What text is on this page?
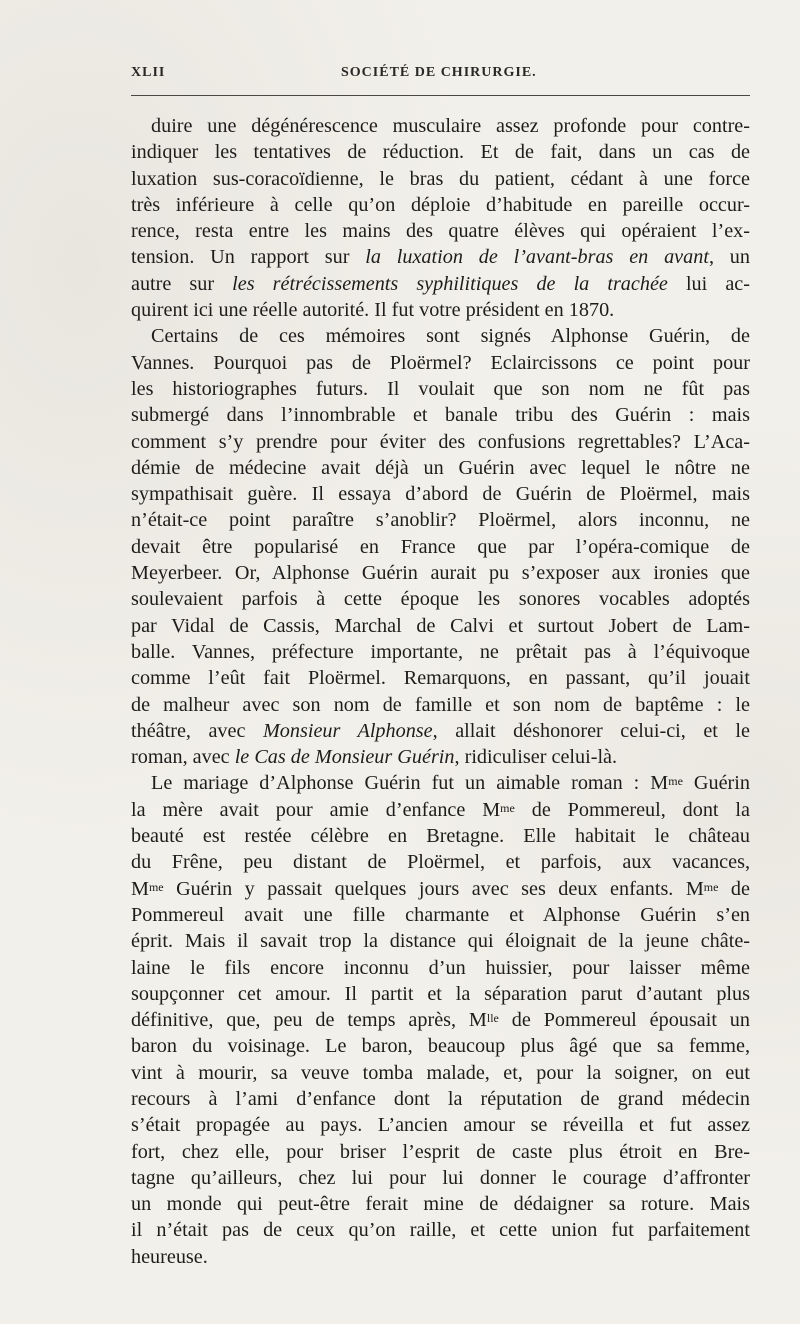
XLII	SOCIÉTÉ DE CHIRURGIE.

duire une dégénérescence musculaire assez profonde pour contre-

indiquer les tentatives de réduction. Et de fait, dans un cas de

luxation sus-coracoïdienne, le bras du patient, cédant à une force

très inférieure à celle qu’on déploie d’habitude en pareille occur-

rence, resta entre les mains des quatre élèves qui opéraient l’ex-

tension. Un rapport sur la luxation de l’avant-bras en avant, un

autre sur les rétrécissements syphilitiques de la trachée lui ac-

quirent ici une réelle autorité. Il fut votre président en 1870.

Certains de ces mémoires sont signés Alphonse Guérin, de

Vannes. Pourquoi pas de Ploërmel? Eclaircissons ce point pour

les historiographes futurs. Il voulait que son nom ne fût pas

submergé dans l’innombrable et banale tribu des Guérin : mais

comment s’y prendre pour éviter des confusions regrettables? L’Aca-

démie de médecine avait déjà un Guérin avec lequel le nôtre ne

sympathisait guère. Il essaya d’abord de Guérin de Ploërmel, mais

n’était-ce point paraître s’anoblir? Ploërmel, alors inconnu, ne

devait être popularisé en France que par l’opéra-comique de

Meyerbeer. Or, Alphonse Guérin aurait pu s’exposer aux ironies que

soulevaient parfois à cette époque les sonores vocables adoptés

par Vidal de Cassis, Marchal de Calvi et surtout Jobert de Lam-

balle. Vannes, préfecture importante, ne prêtait pas à l’équivoque

comme l’eût fait Ploërmel. Remarquons, en passant, qu’il jouait

de malheur avec son nom de famille et son nom de baptême : le

théâtre, avec Monsieur Alphonse, allait déshonorer celui-ci, et le

roman, avec le Cas de Monsieur Guérin, ridiculiser celui-là.

Le mariage d’Alphonse Guérin fut un aimable roman : $M^{me}$ Guérin

la mère avait pour amie d’enfance $M^{me}$ de Pommereul, dont la

beauté est restée célèbre en Bretagne. Elle habitait le château

du Frêne, peu distant de Ploërmel, et parfois, aux vacances,

$M^{me}$ Guérin y passait quelques jours avec ses deux enfants. $M^{me}$ de

Pommereul avait une fille charmante et Alphonse Guérin s’en

éprit. Mais il savait trop la distance qui éloignait de la jeune châte-

laine le fils encore inconnu d’un huissier, pour laisser même

soupçonner cet amour. Il partit et la séparation parut d’autant plus

définitive, que, peu de temps après, $M^{lle}$ de Pommereul épousait un

baron du voisinage. Le baron, beaucoup plus âgé que sa femme,

vint à mourir, sa veuve tomba malade, et, pour la soigner, on eut

recours à l’ami d’enfance dont la réputation de grand médecin

s’était propagée au pays. L’ancien amour se réveilla et fut assez

fort, chez elle, pour briser l’esprit de caste plus étroit en Bre-

tagne qu’ailleurs, chez lui pour lui donner le courage d’affronter

un monde qui peut-être ferait mine de dédaigner sa roture. Mais

il n’était pas de ceux qu’on raille, et cette union fut parfaitement

heureuse.
